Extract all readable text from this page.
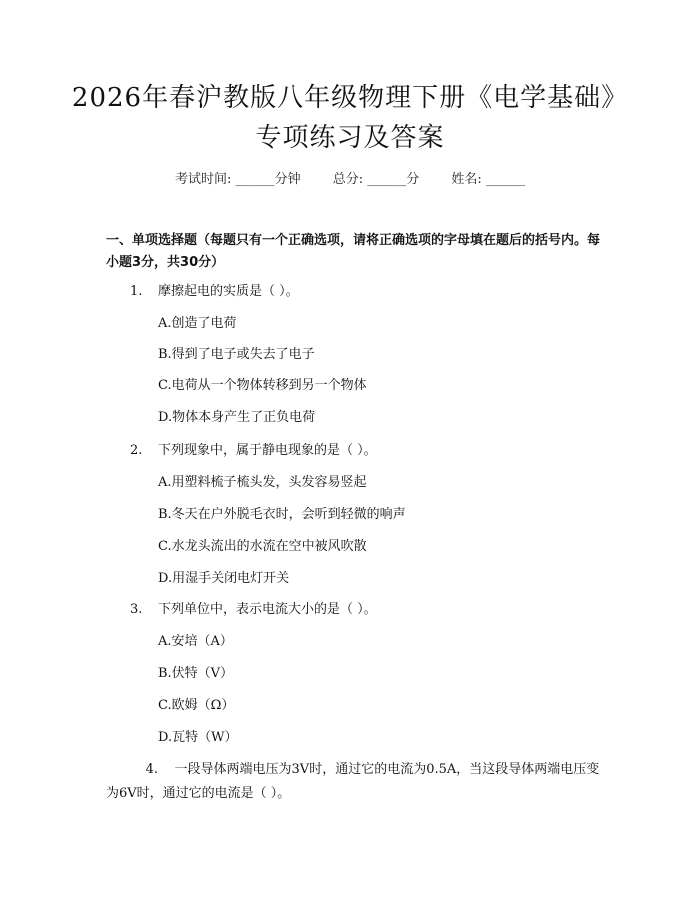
2026年春沪教版八年级物理下册《电学基础》专项练习及答案
考试时间: ______分钟 总分: ______分 姓名: ______
一、单项选择题（每题只有一个正确选项，请将正确选项的字母填在题后的括号内。每小题3分，共30分）
1. 摩擦起电的实质是（ ）。
A.创造了电荷
B.得到了电子或失去了电子
C.电荷从一个物体转移到另一个物体
D.物体本身产生了正负电荷
2. 下列现象中，属于静电现象的是（ ）。
A.用塑料梳子梳头发，头发容易竖起
B.冬天在户外脱毛衣时，会听到轻微的响声
C.水龙头流出的水流在空中被风吹散
D.用湿手关闭电灯开关
3. 下列单位中，表示电流大小的是（ ）。
A.安培（A）
B.伏特（V）
C.欧姆（Ω）
D.瓦特（W）
4. 一段导体两端电压为3V时，通过它的电流为0.5A，当这段导体两端电压变为6V时，通过它的电流是（ ）。
